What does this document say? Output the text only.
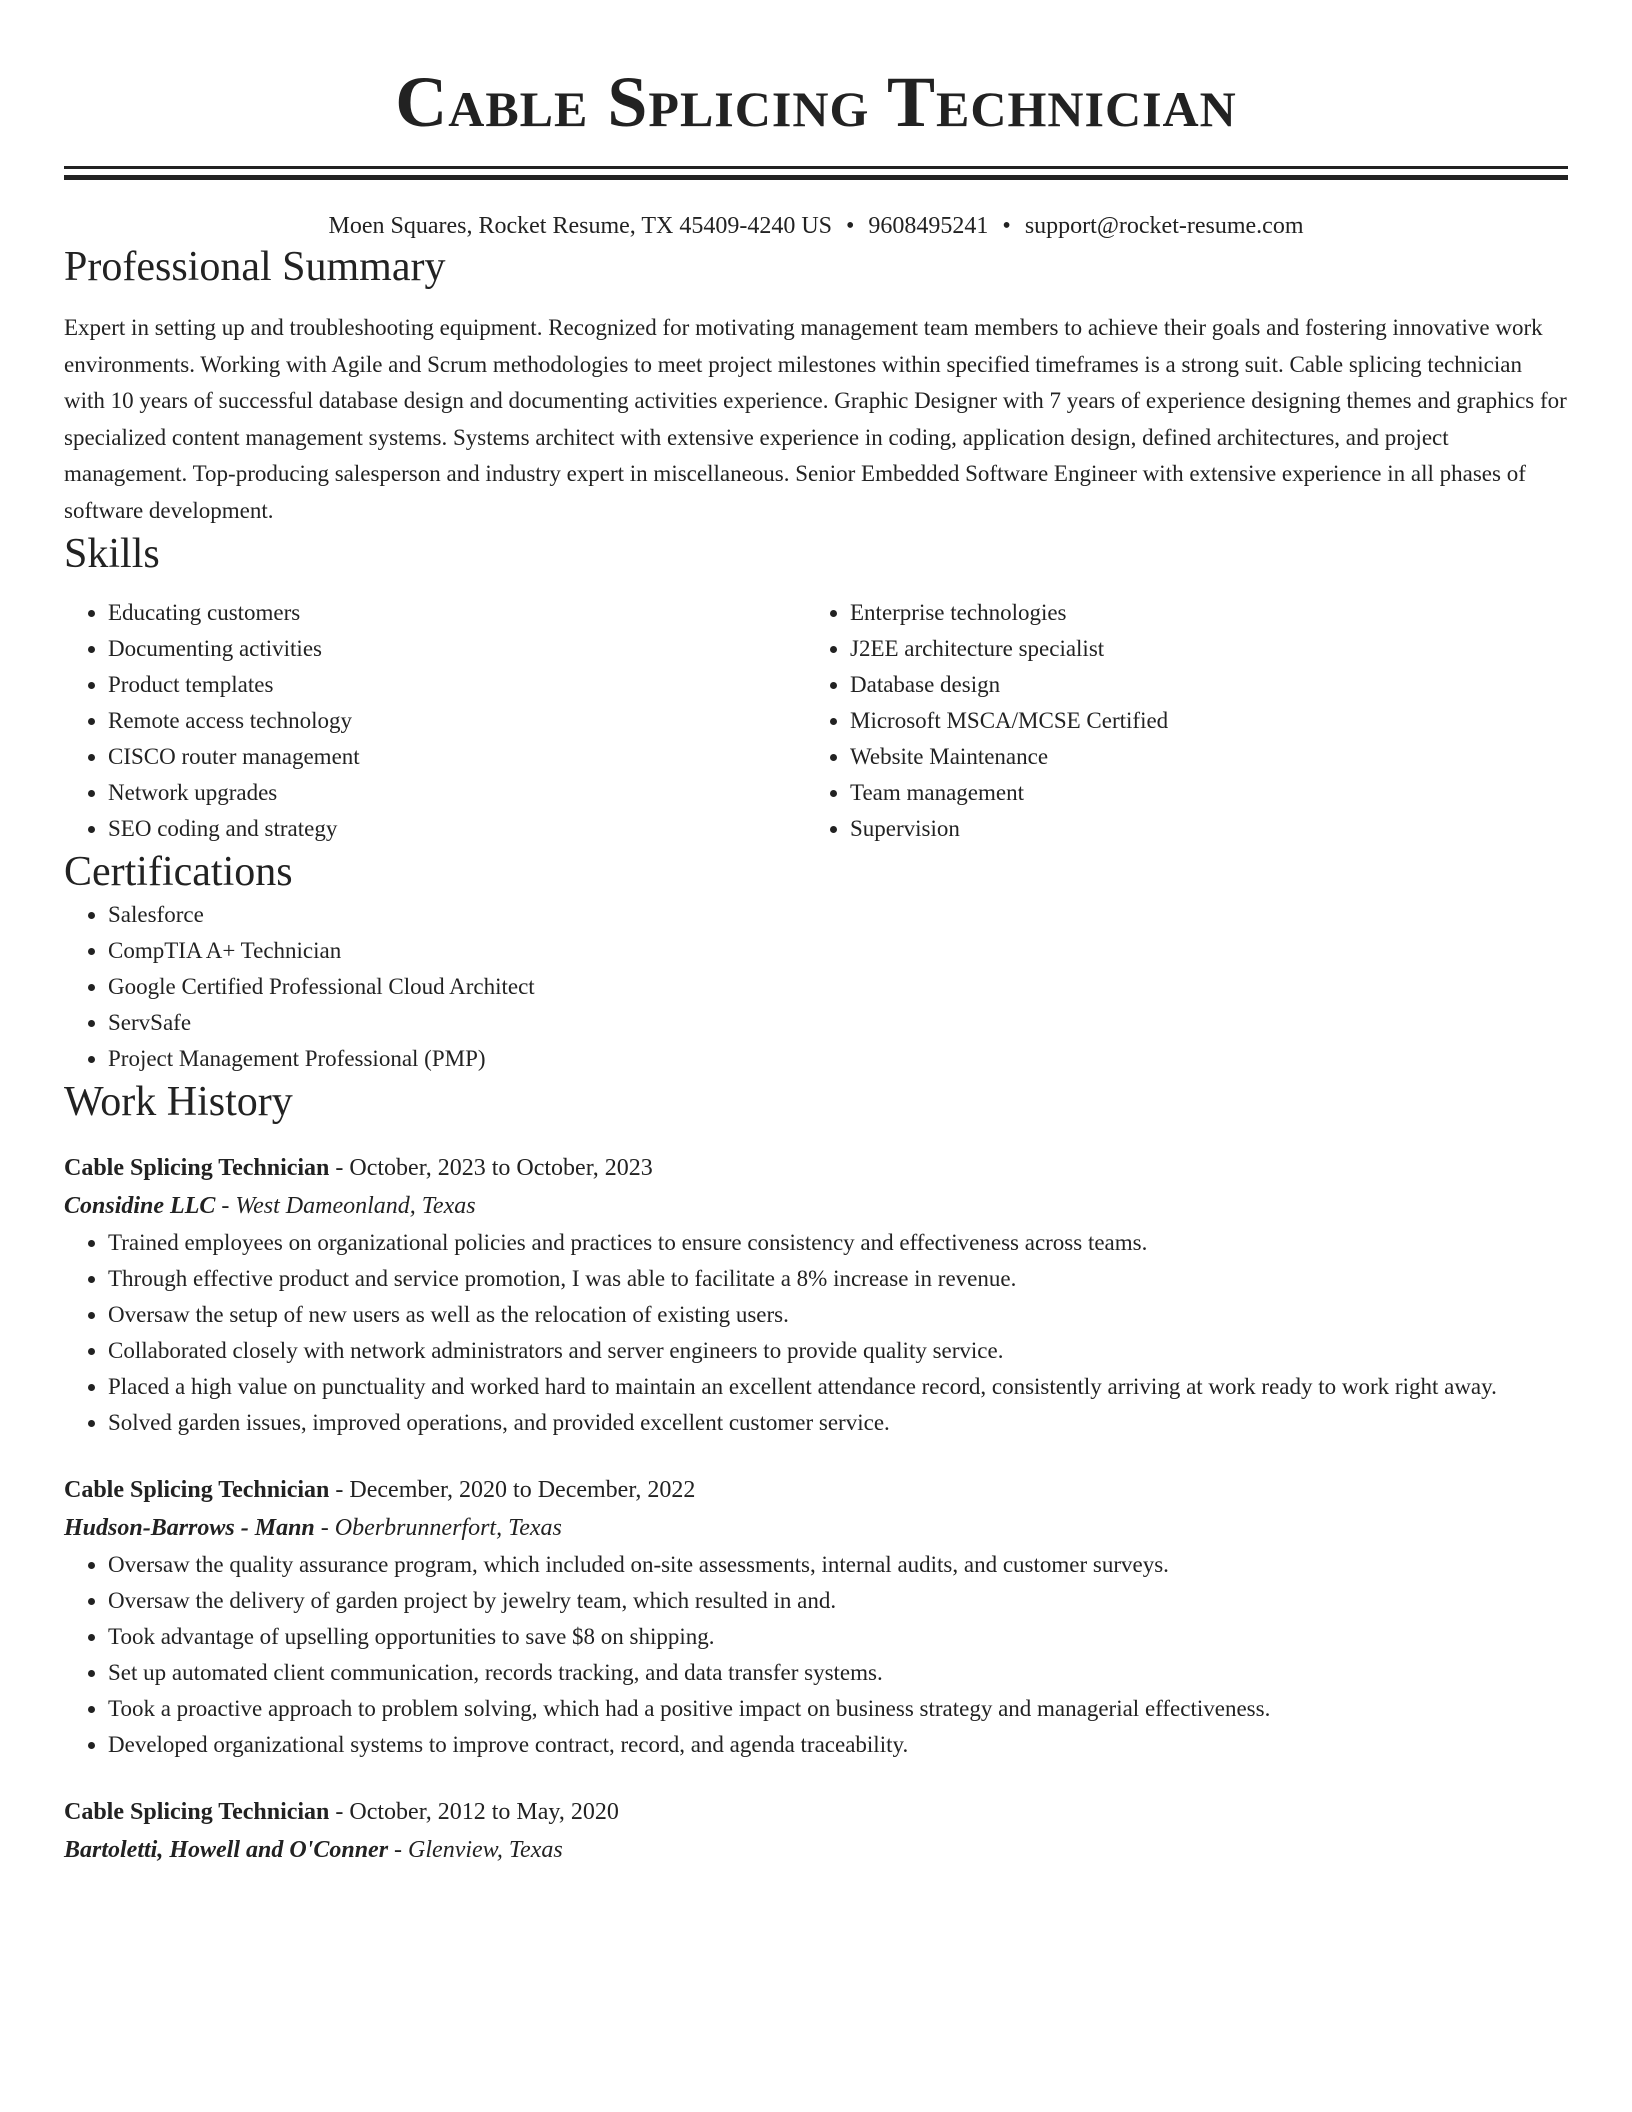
Cable Splicing Technician
Moen Squares, Rocket Resume, TX 45409-4240 US • 9608495241 • support@rocket-resume.com
Professional Summary
Expert in setting up and troubleshooting equipment. Recognized for motivating management team members to achieve their goals and fostering innovative work environments. Working with Agile and Scrum methodologies to meet project milestones within specified timeframes is a strong suit. Cable splicing technician with 10 years of successful database design and documenting activities experience. Graphic Designer with 7 years of experience designing themes and graphics for specialized content management systems. Systems architect with extensive experience in coding, application design, defined architectures, and project management. Top-producing salesperson and industry expert in miscellaneous. Senior Embedded Software Engineer with extensive experience in all phases of software development.
Skills
• Educating customers
• Documenting activities
• Product templates
• Remote access technology
• CISCO router management
• Network upgrades
• SEO coding and strategy
• Enterprise technologies
• J2EE architecture specialist
• Database design
• Microsoft MSCA/MCSE Certified
• Website Maintenance
• Team management
• Supervision
Certifications
• Salesforce
• CompTIA A+ Technician
• Google Certified Professional Cloud Architect
• ServSafe
• Project Management Professional (PMP)
Work History
Cable Splicing Technician - October, 2023 to October, 2023
Considine LLC - West Dameonland, Texas
• Trained employees on organizational policies and practices to ensure consistency and effectiveness across teams.
• Through effective product and service promotion, I was able to facilitate a 8% increase in revenue.
• Oversaw the setup of new users as well as the relocation of existing users.
• Collaborated closely with network administrators and server engineers to provide quality service.
• Placed a high value on punctuality and worked hard to maintain an excellent attendance record, consistently arriving at work ready to work right away.
• Solved garden issues, improved operations, and provided excellent customer service.
Cable Splicing Technician - December, 2020 to December, 2022
Hudson-Barrows - Mann - Oberbrunnerfort, Texas
• Oversaw the quality assurance program, which included on-site assessments, internal audits, and customer surveys.
• Oversaw the delivery of garden project by jewelry team, which resulted in and.
• Took advantage of upselling opportunities to save $8 on shipping.
• Set up automated client communication, records tracking, and data transfer systems.
• Took a proactive approach to problem solving, which had a positive impact on business strategy and managerial effectiveness.
• Developed organizational systems to improve contract, record, and agenda traceability.
Cable Splicing Technician - October, 2012 to May, 2020
Bartoletti, Howell and O'Conner - Glenview, Texas
